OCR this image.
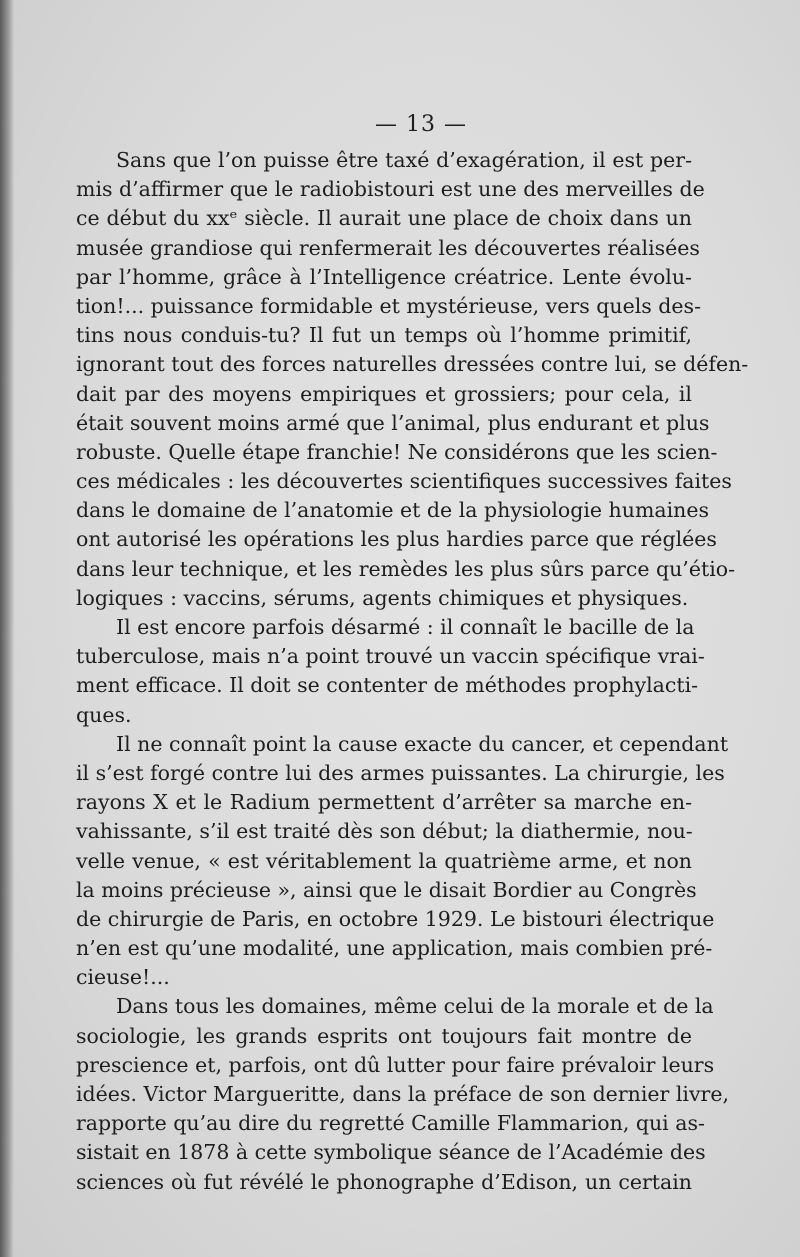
— 13 —
Sans que l’on puisse être taxé d’exagération, il est per-
mis d’affirmer que le radiobistouri est une des merveilles de
ce début du xxᵉ siècle. Il aurait une place de choix dans un
musée grandiose qui renfermerait les découvertes réalisées
par l’homme, grâce à l’Intelligence créatrice. Lente évolu-
tion!... puissance formidable et mystérieuse, vers quels des-
tins nous conduis-tu? Il fut un temps où l’homme primitif,
ignorant tout des forces naturelles dressées contre lui, se défen-
dait par des moyens empiriques et grossiers; pour cela, il
était souvent moins armé que l’animal, plus endurant et plus
robuste. Quelle étape franchie! Ne considérons que les scien-
ces médicales : les découvertes scientifiques successives faites
dans le domaine de l’anatomie et de la physiologie humaines
ont autorisé les opérations les plus hardies parce que réglées
dans leur technique, et les remèdes les plus sûrs parce qu’étio-
logiques : vaccins, sérums, agents chimiques et physiques.
Il est encore parfois désarmé : il connaît le bacille de la
tuberculose, mais n’a point trouvé un vaccin spécifique vrai-
ment efficace. Il doit se contenter de méthodes prophylacti-
ques.
Il ne connaît point la cause exacte du cancer, et cependant
il s’est forgé contre lui des armes puissantes. La chirurgie, les
rayons X et le Radium permettent d’arrêter sa marche en-
vahissante, s’il est traité dès son début; la diathermie, nou-
velle venue, « est véritablement la quatrième arme, et non
la moins précieuse », ainsi que le disait Bordier au Congrès
de chirurgie de Paris, en octobre 1929. Le bistouri électrique
n’en est qu’une modalité, une application, mais combien pré-
cieuse!...
Dans tous les domaines, même celui de la morale et de la
sociologie, les grands esprits ont toujours fait montre de
prescience et, parfois, ont dû lutter pour faire prévaloir leurs
idées. Victor Margueritte, dans la préface de son dernier livre,
rapporte qu’au dire du regretté Camille Flammarion, qui as-
sistait en 1878 à cette symbolique séance de l’Académie des
sciences où fut révélé le phonographe d’Edison, un certain
